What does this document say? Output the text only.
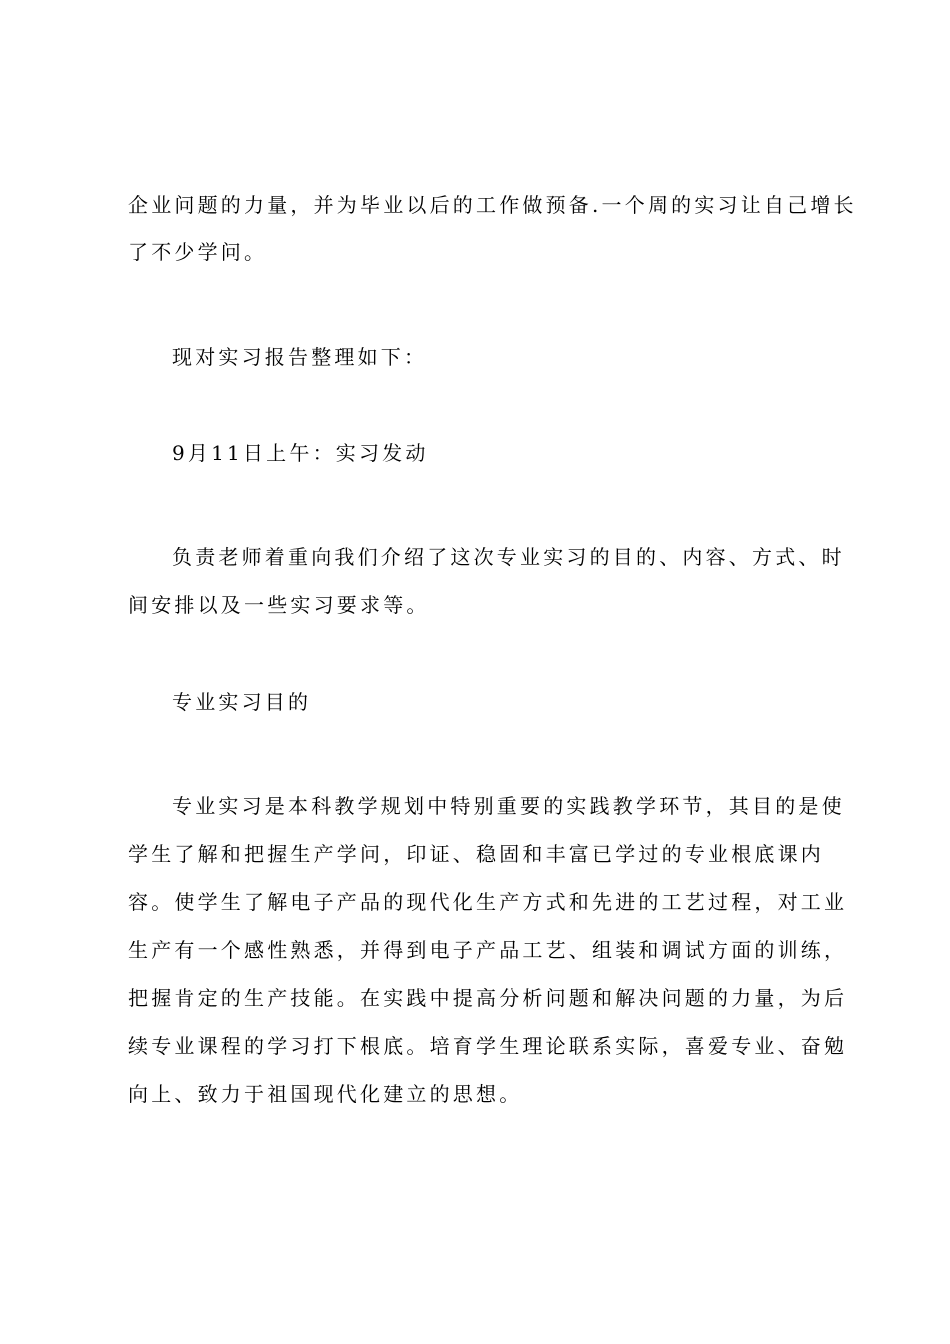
企业问题的力量，并为毕业以后的工作做预备.一个周的实习让自己增长
了不少学问。
现对实习报告整理如下：
9月11日上午：实习发动
负责老师着重向我们介绍了这次专业实习的目的、内容、方式、时
间安排以及一些实习要求等。
专业实习目的
专业实习是本科教学规划中特别重要的实践教学环节，其目的是使
学生了解和把握生产学问，印证、稳固和丰富已学过的专业根底课内
容。使学生了解电子产品的现代化生产方式和先进的工艺过程，对工业
生产有一个感性熟悉，并得到电子产品工艺、组装和调试方面的训练，
把握肯定的生产技能。在实践中提高分析问题和解决问题的力量，为后
续专业课程的学习打下根底。培育学生理论联系实际，喜爱专业、奋勉
向上、致力于祖国现代化建立的思想。
